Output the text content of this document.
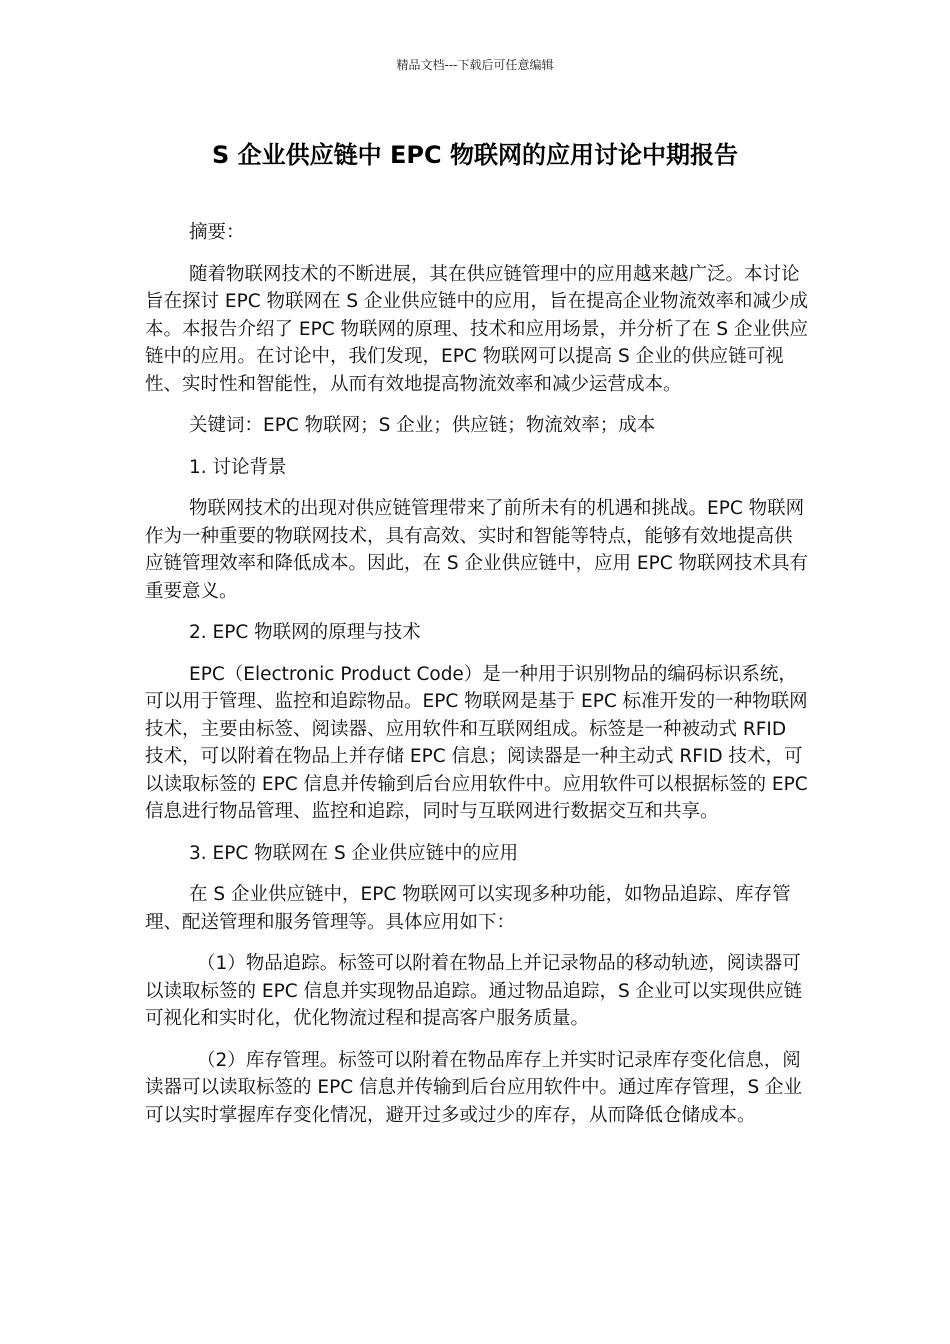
精品文档---下载后可任意编辑
S 企业供应链中 EPC 物联网的应用讨论中期报告

摘要：

随着物联网技术的不断进展，其在供应链管理中的应用越来越广泛。本讨论旨在探讨 EPC 物联网在 S 企业供应链中的应用，旨在提高企业物流效率和减少成本。本报告介绍了 EPC 物联网的原理、技术和应用场景，并分析了在 S 企业供应链中的应用。在讨论中，我们发现，EPC 物联网可以提高 S 企业的供应链可视性、实时性和智能性，从而有效地提高物流效率和减少运营成本。

关键词：EPC 物联网；S 企业；供应链；物流效率；成本

1. 讨论背景

物联网技术的出现对供应链管理带来了前所未有的机遇和挑战。EPC 物联网作为一种重要的物联网技术，具有高效、实时和智能等特点，能够有效地提高供应链管理效率和降低成本。因此，在 S 企业供应链中，应用 EPC 物联网技术具有重要意义。

2. EPC 物联网的原理与技术

EPC（Electronic Product Code）是一种用于识别物品的编码标识系统，可以用于管理、监控和追踪物品。EPC 物联网是基于 EPC 标准开发的一种物联网技术，主要由标签、阅读器、应用软件和互联网组成。标签是一种被动式 RFID 技术，可以附着在物品上并存储 EPC 信息；阅读器是一种主动式 RFID 技术，可以读取标签的 EPC 信息并传输到后台应用软件中。应用软件可以根据标签的 EPC 信息进行物品管理、监控和追踪，同时与互联网进行数据交互和共享。

3. EPC 物联网在 S 企业供应链中的应用

在 S 企业供应链中，EPC 物联网可以实现多种功能，如物品追踪、库存管理、配送管理和服务管理等。具体应用如下：

（1）物品追踪。标签可以附着在物品上并记录物品的移动轨迹，阅读器可以读取标签的 EPC 信息并实现物品追踪。通过物品追踪，S 企业可以实现供应链可视化和实时化，优化物流过程和提高客户服务质量。

（2）库存管理。标签可以附着在物品库存上并实时记录库存变化信息，阅读器可以读取标签的 EPC 信息并传输到后台应用软件中。通过库存管理，S 企业可以实时掌握库存变化情况，避开过多或过少的库存，从而降低仓储成本。
